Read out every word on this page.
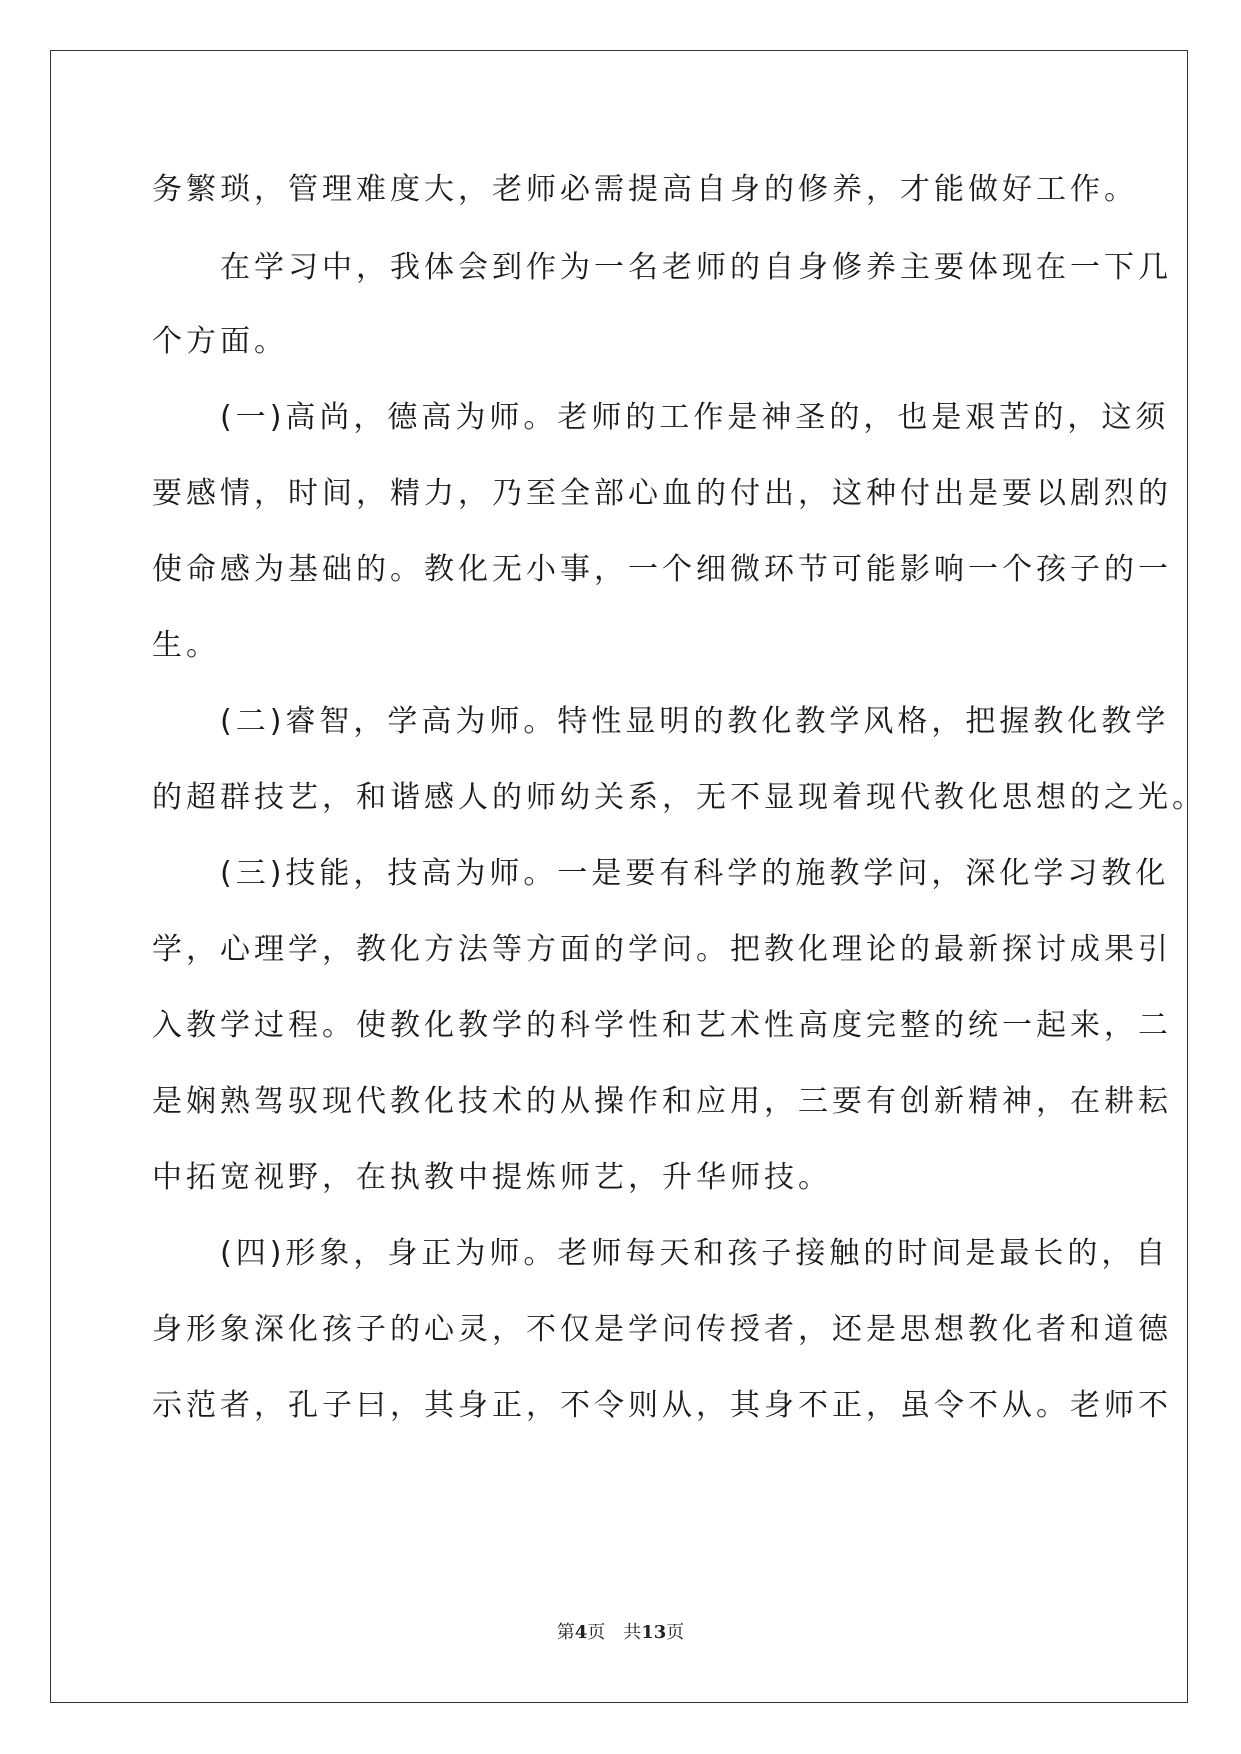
务繁琐，管理难度大，老师必需提高自身的修养，才能做好工作。
　　在学习中，我体会到作为一名老师的自身修养主要体现在一下几
个方面。
　　(一)高尚，德高为师。老师的工作是神圣的，也是艰苦的，这须
要感情，时间，精力，乃至全部心血的付出，这种付出是要以剧烈的
使命感为基础的。教化无小事，一个细微环节可能影响一个孩子的一
生。
　　(二)睿智，学高为师。特性显明的教化教学风格，把握教化教学
的超群技艺，和谐感人的师幼关系，无不显现着现代教化思想的之光。
　　(三)技能，技高为师。一是要有科学的施教学问，深化学习教化
学，心理学，教化方法等方面的学问。把教化理论的最新探讨成果引
入教学过程。使教化教学的科学性和艺术性高度完整的统一起来，二
是娴熟驾驭现代教化技术的从操作和应用，三要有创新精神，在耕耘
中拓宽视野，在执教中提炼师艺，升华师技。
　　(四)形象，身正为师。老师每天和孩子接触的时间是最长的，自
身形象深化孩子的心灵，不仅是学问传授者，还是思想教化者和道德
示范者，孔子曰，其身正，不令则从，其身不正，虽令不从。老师不
第4页　共13页
